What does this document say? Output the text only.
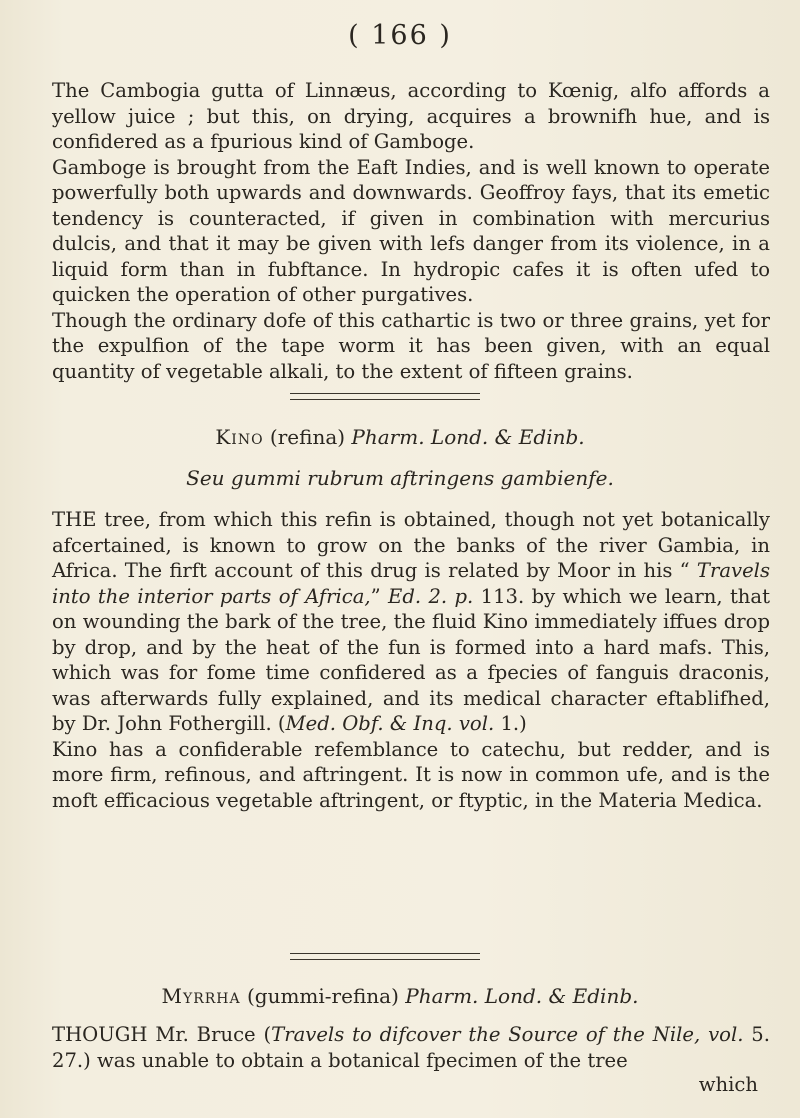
( 166 )

The Cambogia gutta of Linnæus, according to Kœnig, alfo affords a yellow juice ; but this, on drying, acquires a brownifh hue, and is confidered as a fpurious kind of Gamboge.

Gamboge is brought from the Eaft Indies, and is well known to operate powerfully both upwards and downwards. Geoffroy fays, that its emetic tendency is counteracted, if given in combination with mercurius dulcis, and that it may be given with lefs danger from its violence, in a liquid form than in fubftance. In hydropic cafes it is often ufed to quicken the operation of other purgatives.

Though the ordinary dofe of this cathartic is two or three grains, yet for the expulfion of the tape worm it has been given, with an equal quantity of vegetable alkali, to the extent of fifteen grains.

Kino (refina) Pharm. Lond. & Edinb.
Seu gummi rubrum aftringens gambienfe.

THE tree, from which this refin is obtained, though not yet botanically afcertained, is known to grow on the banks of the river Gambia, in Africa. The firft account of this drug is related by Moor in his “ Travels into the interior parts of Africa,” Ed. 2. p. 113. by which we learn, that on wounding the bark of the tree, the fluid Kino immediately iffues drop by drop, and by the heat of the fun is formed into a hard mafs. This, which was for fome time confidered as a fpecies of fanguis draconis, was afterwards fully explained, and its medical character eftablifhed, by Dr. John Fothergill. (Med. Obf. & Inq. vol. 1.)

Kino has a confiderable refemblance to catechu, but redder, and is more firm, refinous, and aftringent. It is now in common ufe, and is the moft efficacious vegetable aftringent, or ftyptic, in the Materia Medica.

Myrrha (gummi-refina) Pharm. Lond. & Edinb.

THOUGH Mr. Bruce (Travels to difcover the Source of the Nile, vol. 5. 27.) was unable to obtain a botanical fpecimen of the tree

which
